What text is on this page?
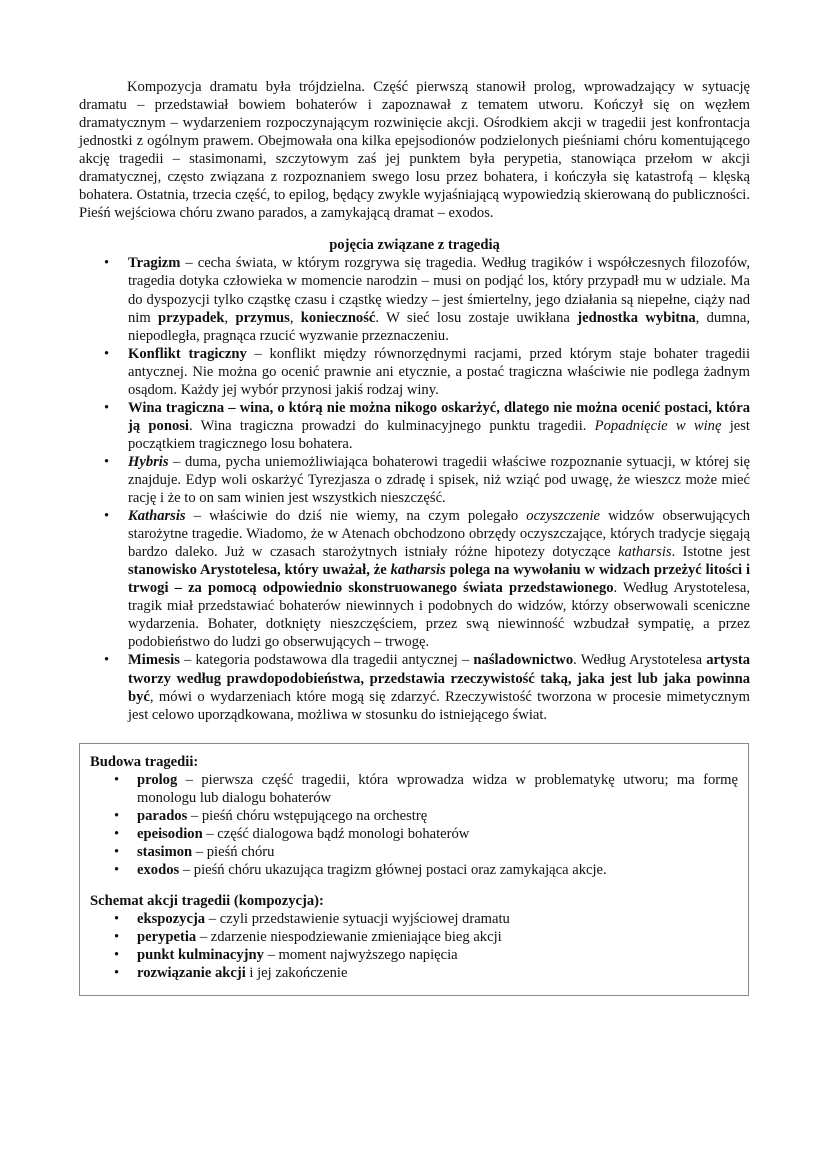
Kompozycja dramatu była trójdzielna. Część pierwszą stanowił prolog, wprowadzający w sytuację dramatu – przedstawiał bowiem bohaterów i zapoznawał z tematem utworu. Kończył się on węzłem dramatycznym – wydarzeniem rozpoczynającym rozwinięcie akcji. Ośrodkiem akcji w tragedii jest konfrontacja jednostki z ogólnym prawem. Obejmowała ona kilka epejsodionów podzielonych pieśniami chóru komentującego akcję tragedii – stasimonami, szczytowym zaś jej punktem była perypetia, stanowiąca przełom w akcji dramatycznej, często związana z rozpoznaniem swego losu przez bohatera, i kończyła się katastrofą – klęską bohatera. Ostatnia, trzecia część, to epilog, będący zwykle wyjaśniającą wypowiedzią skierowaną do publiczności. Pieśń wejściowa chóru zwano parados, a zamykającą dramat – exodos.

pojęcia związane z tragedią
• Tragizm – cecha świata, w którym rozgrywa się tragedia. Według tragików i współczesnych filozofów, tragedia dotyka człowieka w momencie narodzin – musi on podjąć los, który przypadł mu w udziale. Ma do dyspozycji tylko cząstkę czasu i cząstkę wiedzy – jest śmiertelny, jego działania są niepełne, ciąży nad nim przypadek, przymus, konieczność. W sieć losu zostaje uwikłana jednostka wybitna, dumna, niepodległa, pragnąca rzucić wyzwanie przeznaczeniu.
• Konflikt tragiczny – konflikt między równorzędnymi racjami, przed którym staje bohater tragedii antycznej. Nie można go ocenić prawnie ani etycznie, a postać tragiczna właściwie nie podlega żadnym osądom. Każdy jej wybór przynosi jakiś rodzaj winy.
• Wina tragiczna – wina, o którą nie można nikogo oskarżyć, dlatego nie można ocenić postaci, która ją ponosi. Wina tragiczna prowadzi do kulminacyjnego punktu tragedii. Popadnięcie w winę jest początkiem tragicznego losu bohatera.
• Hybris – duma, pycha uniemożliwiająca bohaterowi tragedii właściwe rozpoznanie sytuacji, w której się znajduje. Edyp woli oskarżyć Tyrezjasza o zdradę i spisek, niż wziąć pod uwagę, że wieszcz może mieć rację i że to on sam winien jest wszystkich nieszczęść.
• Katharsis – właściwie do dziś nie wiemy, na czym polegało oczyszczenie widzów obserwujących starożytne tragedie. Wiadomo, że w Atenach obchodzono obrzędy oczyszczające, których tradycje sięgają bardzo daleko. Już w czasach starożytnych istniały różne hipotezy dotyczące katharsis. Istotne jest stanowisko Arystotelesa, który uważał, że katharsis polega na wywołaniu w widzach przeżyć litości i trwogi – za pomocą odpowiednio skonstruowanego świata przedstawionego. Według Arystotelesa, tragik miał przedstawiać bohaterów niewinnych i podobnych do widzów, którzy obserwowali sceniczne wydarzenia. Bohater, dotknięty nieszczęściem, przez swą niewinność wzbudzał sympatię, a przez podobieństwo do ludzi go obserwujących – trwogę.
• Mimesis – kategoria podstawowa dla tragedii antycznej – naśladownictwo. Według Arystotelesa artysta tworzy według prawdopodobieństwa, przedstawia rzeczywistość taką, jaka jest lub jaka powinna być, mówi o wydarzeniach które mogą się zdarzyć. Rzeczywistość tworzona w procesie mimetycznym jest celowo uporządkowana, możliwa w stosunku do istniejącego świat.
Budowa tragedii:
• prolog – pierwsza część tragedii, która wprowadza widza w problematykę utworu; ma formę monologu lub dialogu bohaterów
• parados – pieśń chóru wstępującego na orchestrę
• epeisodion – część dialogowa bądź monologi bohaterów
• stasimon – pieśń chóru
• exodos – pieśń chóru ukazująca tragizm głównej postaci oraz zamykająca akcje.
Schemat akcji tragedii (kompozycja):
• ekspozycja – czyli przedstawienie sytuacji wyjściowej dramatu
• perypetia – zdarzenie niespodziewanie zmieniające bieg akcji
• punkt kulminacyjny – moment najwyższego napięcia
• rozwiązanie akcji i jej zakończenie
